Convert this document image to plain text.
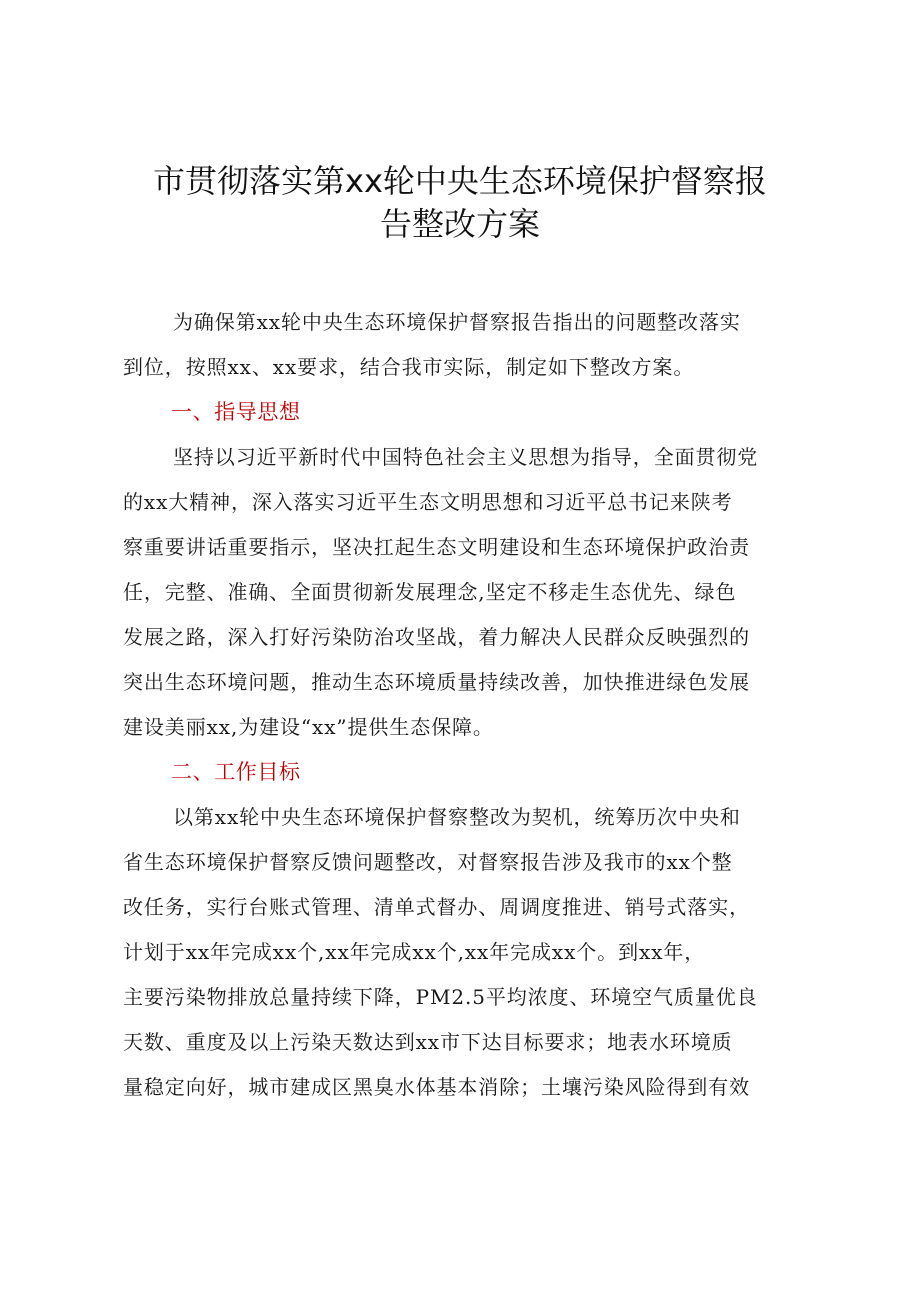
市贯彻落实第xx轮中央生态环境保护督察报
告整改方案
为确保第xx轮中央生态环境保护督察报告指出的问题整改落实
到位，按照xx、xx要求，结合我市实际，制定如下整改方案。
一、指导思想
坚持以习近平新时代中国特色社会主义思想为指导，全面贯彻党
的xx大精神，深入落实习近平生态文明思想和习近平总书记来陕考
察重要讲话重要指示，坚决扛起生态文明建设和生态环境保护政治责
任，完整、准确、全面贯彻新发展理念,坚定不移走生态优先、绿色
发展之路，深入打好污染防治攻坚战，着力解决人民群众反映强烈的
突出生态环境问题，推动生态环境质量持续改善，加快推进绿色发展
建设美丽xx,为建设“xx”提供生态保障。
二、工作目标
以第xx轮中央生态环境保护督察整改为契机，统筹历次中央和
省生态环境保护督察反馈问题整改，对督察报告涉及我市的xx个整
改任务，实行台账式管理、清单式督办、周调度推进、销号式落实，
计划于xx年完成xx个,xx年完成xx个,xx年完成xx个。到xx年，
主要污染物排放总量持续下降，PM2.5平均浓度、环境空气质量优良
天数、重度及以上污染天数达到xx市下达目标要求；地表水环境质
量稳定向好，城市建成区黑臭水体基本消除；土壤污染风险得到有效
